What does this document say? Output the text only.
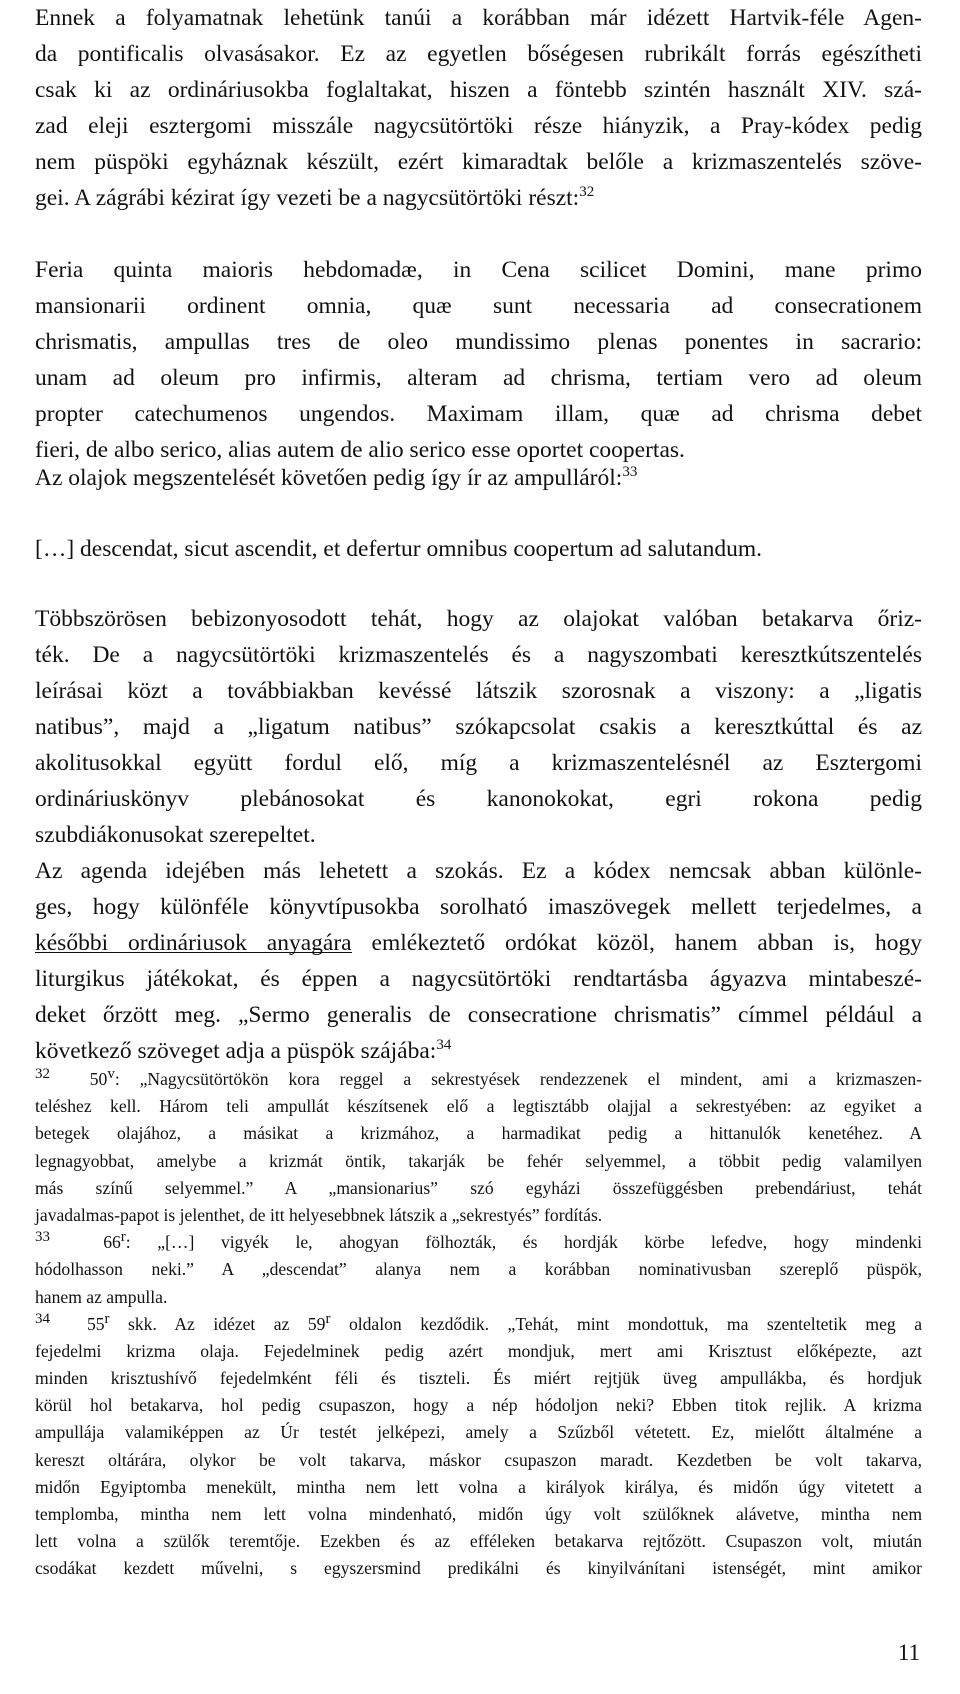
Ennek a folyamatnak lehetünk tanúi a korábban már idézett Hartvik-féle Agen-
da pontificalis olvasásakor. Ez az egyetlen bőségesen rubrikált forrás egészítheti
csak ki az ordináriusokba foglaltakat, hiszen a föntebb szintén használt XIV. szá-
zad eleji esztergomi misszále nagycsütörtöki része hiányzik, a Pray-kódex pedig
nem püspöki egyháznak készült, ezért kimaradtak belőle a krizmaszentelés szöve-
gei. A zágrábi kézirat így vezeti be a nagycsütörtöki részt:$^{32}$
Feria quinta maioris hebdomadæ, in Cena scilicet Domini, mane primo
mansionarii ordinent omnia, quæ sunt necessaria ad consecrationem
chrismatis, ampullas tres de oleo mundissimo plenas ponentes in sacrario:
unam ad oleum pro infirmis, alteram ad chrisma, tertiam vero ad oleum
propter catechumenos ungendos. Maximam illam, quæ ad chrisma debet
fieri, de albo serico, alias autem de alio serico esse oportet coopertas.
Az olajok megszentelését követően pedig így ír az ampulláról:$^{33}$
[…] descendat, sicut ascendit, et defertur omnibus coopertum ad salutandum.
Többszörösen bebizonyosodott tehát, hogy az olajokat valóban betakarva őriz-
ték. De a nagycsütörtöki krizmaszentelés és a nagyszombati keresztkútszentelés
leírásai közt a továbbiakban kevéssé látszik szorosnak a viszony: a „ligatis
natibus”, majd a „ligatum natibus” szókapcsolat csakis a keresztkúttal és az
akolitusokkal együtt fordul elő, míg a krizmaszentelésnél az Esztergomi
ordináriuskönyv plebánosokat és kanonokokat, egri rokona pedig
szubdiákonusokat szerepeltet.
Az agenda idejében más lehetett a szokás. Ez a kódex nemcsak abban különle-
ges, hogy különféle könyvtípusokba sorolható imaszövegek mellett terjedelmes, a
későbbi ordináriusok anyagára emlékeztető ordókat közöl, hanem abban is, hogy
liturgikus játékokat, és éppen a nagycsütörtöki rendtartásba ágyazva mintabeszé-
deket őrzött meg. „Sermo generalis de consecratione chrismatis” címmel például a
következő szöveget adja a püspök szájába:$^{34}$
$^{32}$ 50$^v$: „Nagycsütörtökön kora reggel a sekrestyések rendezzenek el mindent, ami a krizmaszen-
teléshez kell. Három teli ampullát készítsenek elő a legtisztább olajjal a sekrestyében: az egyiket a
betegek olajához, a másikat a krizmához, a harmadikat pedig a hittanulók kenetéhez. A
legnagyobbat, amelybe a krizmát öntik, takarják be fehér selyemmel, a többit pedig valamilyen
más színű selyemmel.” A „mansionarius” szó egyházi összefüggésben prebendáriust, tehát
javadalmas-papot is jelenthet, de itt helyesebbnek látszik a „sekrestyés” fordítás.
$^{33}$	66$^r$: „[…] vigyék le, ahogyan fölhozták, és hordják körbe lefedve, hogy mindenki
hódolhasson neki.” A „descendat” alanya nem a korábban nominativusban szereplő püspök,
hanem az ampulla.
$^{34}$ 55$^r$ skk. Az idézet az 59$^r$ oldalon kezdődik. „Tehát, mint mondottuk, ma szenteltetik meg a
fejedelmi krizma olaja. Fejedelminek pedig azért mondjuk, mert ami Krisztust előképezte, azt
minden krisztushívő fejedelmként féli és tiszteli. És miért rejtjük üveg ampullákba, és hordjuk
körül hol betakarva, hol pedig csupaszon, hogy a nép hódoljon neki? Ebben titok rejlik. A krizma
ampullája valamiképpen az Úr testét jelképezi, amely a Szűzből vétetett. Ez, mielőtt általméne a
kereszt oltárára, olykor be volt takarva, máskor csupaszon maradt. Kezdetben be volt takarva,
midőn Egyiptomba menekült, mintha nem lett volna a királyok királya, és midőn úgy vitetett a
templomba, mintha nem lett volna mindenható, midőn úgy volt szülőknek alávetve, mintha nem
lett volna a szülők teremtője. Ezekben és az efféleken betakarva rejtőzött. Csupaszon volt, miután
csodákat kezdett művelni, s egyszersmind predikálni és kinyilvánítani istenségét, mint amikor
11
